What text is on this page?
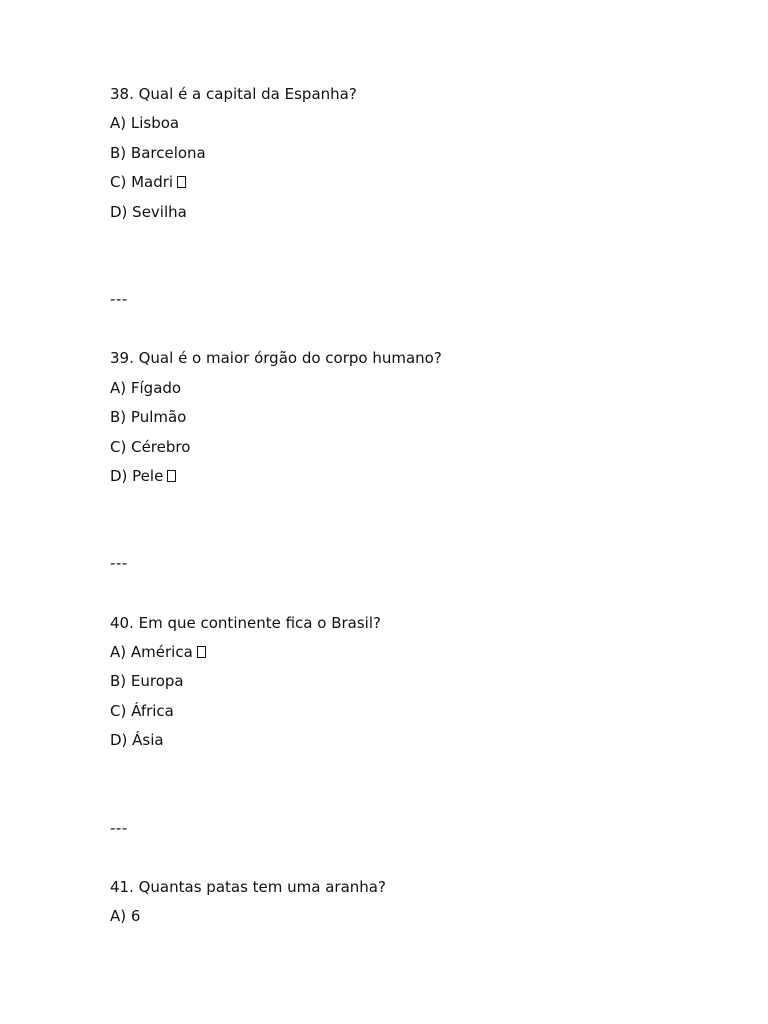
38. Qual é a capital da Espanha?
A) Lisboa
B) Barcelona
C) Madri
D) Sevilha
---
39. Qual é o maior órgão do corpo humano?
A) Fígado
B) Pulmão
C) Cérebro
D) Pele
---
40. Em que continente fica o Brasil?
A) América
B) Europa
C) África
D) Ásia
---
41. Quantas patas tem uma aranha?
A) 6
